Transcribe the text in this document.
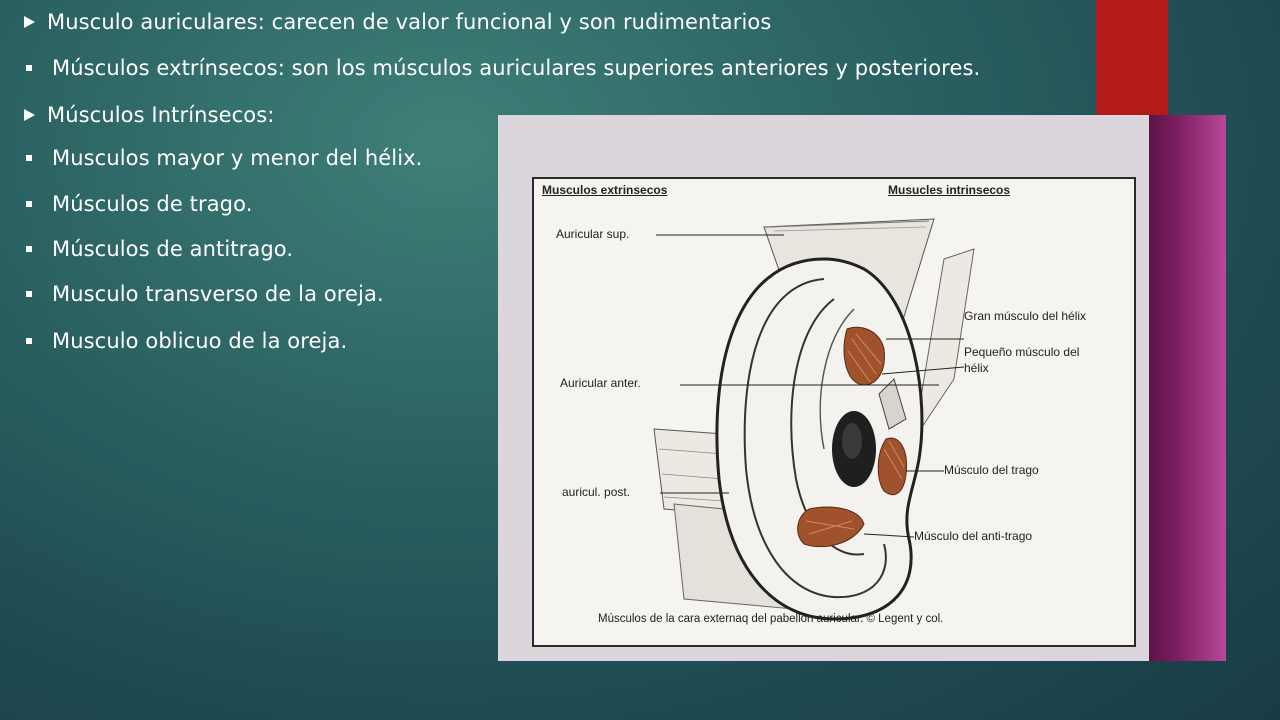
Musculo auriculares: carecen de valor funcional y son rudimentarios
Músculos extrínsecos: son los músculos auriculares superiores anteriores y posteriores.
Músculos Intrínsecos:
Musculos mayor y menor del hélix.
Músculos de trago.
Músculos de antitrago.
Musculo transverso de la oreja.
Musculo oblicuo de la oreja.
Musculos extrinsecos	Musucles intrinsecos
Auricular sup.
Auricular anter.
auricul. post.
Gran músculo del hélix
Pequeño músculo del
hélix
Músculo del trago
Músculo del anti-trago
Músculos de la cara externaq del pabellón auricular. © Legent y col.
